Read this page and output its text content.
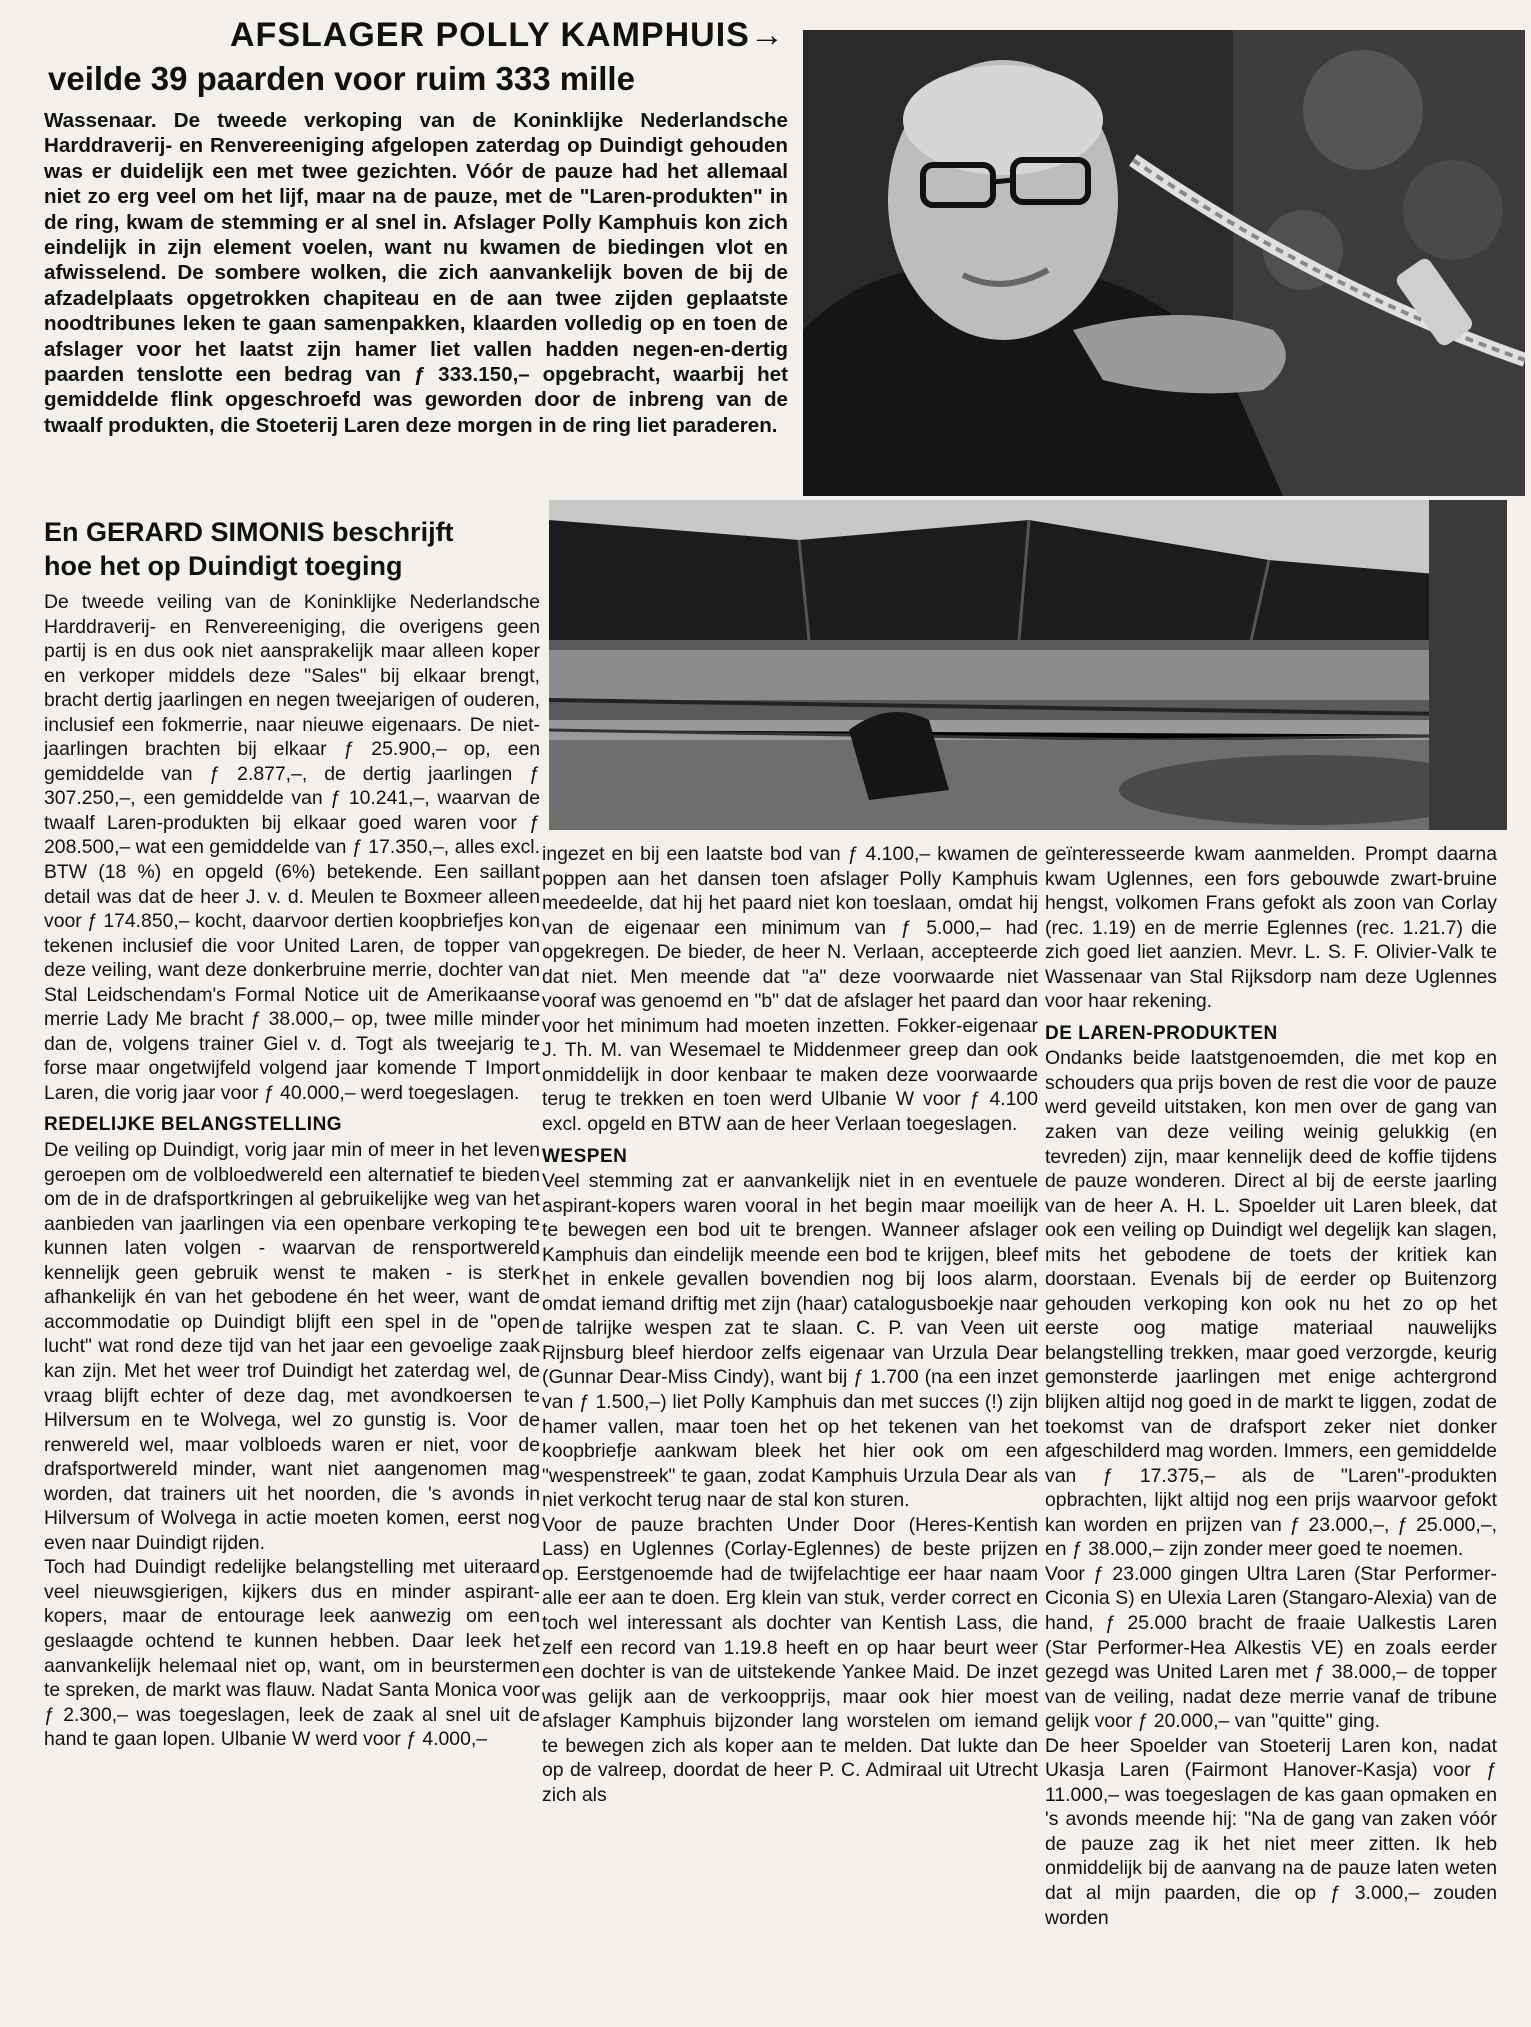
AFSLAGER POLLY KAMPHUIS→
veilde 39 paarden voor ruim 333 mille
Wassenaar. De tweede verkoping van de Koninklijke Nederlandsche Harddraverij- en Renvereeniging afgelopen zaterdag op Duindigt gehouden was er duidelijk een met twee gezichten. Vóór de pauze had het allemaal niet zo erg veel om het lijf, maar na de pauze, met de "Laren-produkten" in de ring, kwam de stemming er al snel in. Afslager Polly Kamphuis kon zich eindelijk in zijn element voelen, want nu kwamen de biedingen vlot en afwisselend. De sombere wolken, die zich aanvankelijk boven de bij de afzadelplaats opgetrokken chapiteau en de aan twee zijden geplaatste noodtribunes leken te gaan samenpakken, klaarden volledig op en toen de afslager voor het laatst zijn hamer liet vallen hadden negen-en-dertig paarden tenslotte een bedrag van ƒ 333.150,– opgebracht, waarbij het gemiddelde flink opgeschroefd was geworden door de inbreng van de twaalf produkten, die Stoeterij Laren deze morgen in de ring liet paraderen.
En GERARD SIMONIS beschrijft
hoe het op Duindigt toeging

De tweede veiling van de Koninklijke Nederlandsche Harddraverij- en Renvereeniging, die overigens geen partij is en dus ook niet aansprakelijk maar alleen koper en verkoper middels deze "Sales" bij elkaar brengt, bracht dertig jaarlingen en negen tweejarigen of ouderen, inclusief een fokmerrie, naar nieuwe eigenaars. De niet-jaarlingen brachten bij elkaar ƒ 25.900,– op, een gemiddelde van ƒ 2.877,–, de dertig jaarlingen ƒ 307.250,–, een gemiddelde van ƒ 10.241,–, waarvan de twaalf Laren-produkten bij elkaar goed waren voor ƒ 208.500,– wat een gemiddelde van ƒ 17.350,–, alles excl. BTW (18 %) en opgeld (6%) betekende. Een saillant detail was dat de heer J. v. d. Meulen te Boxmeer alleen voor ƒ 174.850,– kocht, daarvoor dertien koopbriefjes kon tekenen inclusief die voor United Laren, de topper van deze veiling, want deze donkerbruine merrie, dochter van Stal Leidschendam's Formal Notice uit de Amerikaanse merrie Lady Me bracht ƒ 38.000,– op, twee mille minder dan de, volgens trainer Giel v. d. Togt als tweejarig te forse maar ongetwijfeld volgend jaar komende T Import Laren, die vorig jaar voor ƒ 40.000,– werd toegeslagen.

REDELIJKE BELANGSTELLING

De veiling op Duindigt, vorig jaar min of meer in het leven geroepen om de volbloedwereld een alternatief te bieden om de in de drafsportkringen al gebruikelijke weg van het aanbieden van jaarlingen via een openbare verkoping te kunnen laten volgen - waarvan de rensportwereld kennelijk geen gebruik wenst te maken - is sterk afhankelijk én van het gebodene én het weer, want de accommodatie op Duindigt blijft een spel in de "open lucht" wat rond deze tijd van het jaar een gevoelige zaak kan zijn. Met het weer trof Duindigt het zaterdag wel, de vraag blijft echter of deze dag, met avondkoersen te Hilversum en te Wolvega, wel zo gunstig is. Voor de renwereld wel, maar volbloeds waren er niet, voor de drafsportwereld minder, want niet aangenomen mag worden, dat trainers uit het noorden, die 's avonds in Hilversum of Wolvega in actie moeten komen, eerst nog even naar Duindigt rijden.

Toch had Duindigt redelijke belangstelling met uiteraard veel nieuwsgierigen, kijkers dus en minder aspirant-kopers, maar de entourage leek aanwezig om een geslaagde ochtend te kunnen hebben. Daar leek het aanvankelijk helemaal niet op, want, om in beurstermen te spreken, de markt was flauw. Nadat Santa Monica voor ƒ 2.300,– was toegeslagen, leek de zaak al snel uit de hand te gaan lopen. Ulbanie W werd voor ƒ 4.000,–

ingezet en bij een laatste bod van ƒ 4.100,– kwamen de poppen aan het dansen toen afslager Polly Kamphuis meedeelde, dat hij het paard niet kon toeslaan, omdat hij van de eigenaar een minimum van ƒ 5.000,– had opgekregen. De bieder, de heer N. Verlaan, accepteerde dat niet. Men meende dat "a" deze voorwaarde niet vooraf was genoemd en "b" dat de afslager het paard dan voor het minimum had moeten inzetten. Fokker-eigenaar J. Th. M. van Wesemael te Middenmeer greep dan ook onmiddelijk in door kenbaar te maken deze voorwaarde terug te trekken en toen werd Ulbanie W voor ƒ 4.100 excl. opgeld en BTW aan de heer Verlaan toegeslagen.

WESPEN

Veel stemming zat er aanvankelijk niet in en eventuele aspirant-kopers waren vooral in het begin maar moeilijk te bewegen een bod uit te brengen. Wanneer afslager Kamphuis dan eindelijk meende een bod te krijgen, bleef het in enkele gevallen bovendien nog bij loos alarm, omdat iemand driftig met zijn (haar) catalogusboekje naar de talrijke wespen zat te slaan. C. P. van Veen uit Rijnsburg bleef hierdoor zelfs eigenaar van Urzula Dear (Gunnar Dear-Miss Cindy), want bij ƒ 1.700 (na een inzet van ƒ 1.500,–) liet Polly Kamphuis dan met succes (!) zijn hamer vallen, maar toen het op het tekenen van het koopbriefje aankwam bleek het hier ook om een "wespenstreek" te gaan, zodat Kamphuis Urzula Dear als niet verkocht terug naar de stal kon sturen.

Voor de pauze brachten Under Door (Heres-Kentish Lass) en Uglennes (Corlay-Eglennes) de beste prijzen op. Eerstgenoemde had de twijfelachtige eer haar naam alle eer aan te doen. Erg klein van stuk, verder correct en toch wel interessant als dochter van Kentish Lass, die zelf een record van 1.19.8 heeft en op haar beurt weer een dochter is van de uitstekende Yankee Maid. De inzet was gelijk aan de verkoopprijs, maar ook hier moest afslager Kamphuis bijzonder lang worstelen om iemand te bewegen zich als koper aan te melden. Dat lukte dan op de valreep, doordat de heer P. C. Admiraal uit Utrecht zich als

geïnteresseerde kwam aanmelden. Prompt daarna kwam Uglennes, een fors gebouwde zwart-bruine hengst, volkomen Frans gefokt als zoon van Corlay (rec. 1.19) en de merrie Eglennes (rec. 1.21.7) die zich goed liet aanzien. Mevr. L. S. F. Olivier-Valk te Wassenaar van Stal Rijksdorp nam deze Uglennes voor haar rekening.

DE LAREN-PRODUKTEN

Ondanks beide laatstgenoemden, die met kop en schouders qua prijs boven de rest die voor de pauze werd geveild uitstaken, kon men over de gang van zaken van deze veiling weinig gelukkig (en tevreden) zijn, maar kennelijk deed de koffie tijdens de pauze wonderen. Direct al bij de eerste jaarling van de heer A. H. L. Spoelder uit Laren bleek, dat ook een veiling op Duindigt wel degelijk kan slagen, mits het gebodene de toets der kritiek kan doorstaan. Evenals bij de eerder op Buitenzorg gehouden verkoping kon ook nu het zo op het eerste oog matige materiaal nauwelijks belangstelling trekken, maar goed verzorgde, keurig gemonsterde jaarlingen met enige achtergrond blijken altijd nog goed in de markt te liggen, zodat de toekomst van de drafsport zeker niet donker afgeschilderd mag worden. Immers, een gemiddelde van ƒ 17.375,– als de "Laren"-produkten opbrachten, lijkt altijd nog een prijs waarvoor gefokt kan worden en prijzen van ƒ 23.000,–, ƒ 25.000,–, en ƒ 38.000,– zijn zonder meer goed te noemen.

Voor ƒ 23.000 gingen Ultra Laren (Star Performer-Ciconia S) en Ulexia Laren (Stangaro-Alexia) van de hand, ƒ 25.000 bracht de fraaie Ualkestis Laren (Star Performer-Hea Alkestis VE) en zoals eerder gezegd was United Laren met ƒ 38.000,– de topper van de veiling, nadat deze merrie vanaf de tribune gelijk voor ƒ 20.000,– van "quitte" ging.

De heer Spoelder van Stoeterij Laren kon, nadat Ukasja Laren (Fairmont Hanover-Kasja) voor ƒ 11.000,– was toegeslagen de kas gaan opmaken en 's avonds meende hij: "Na de gang van zaken vóór de pauze zag ik het niet meer zitten. Ik heb onmiddelijk bij de aanvang na de pauze laten weten dat al mijn paarden, die op ƒ 3.000,– zouden worden
